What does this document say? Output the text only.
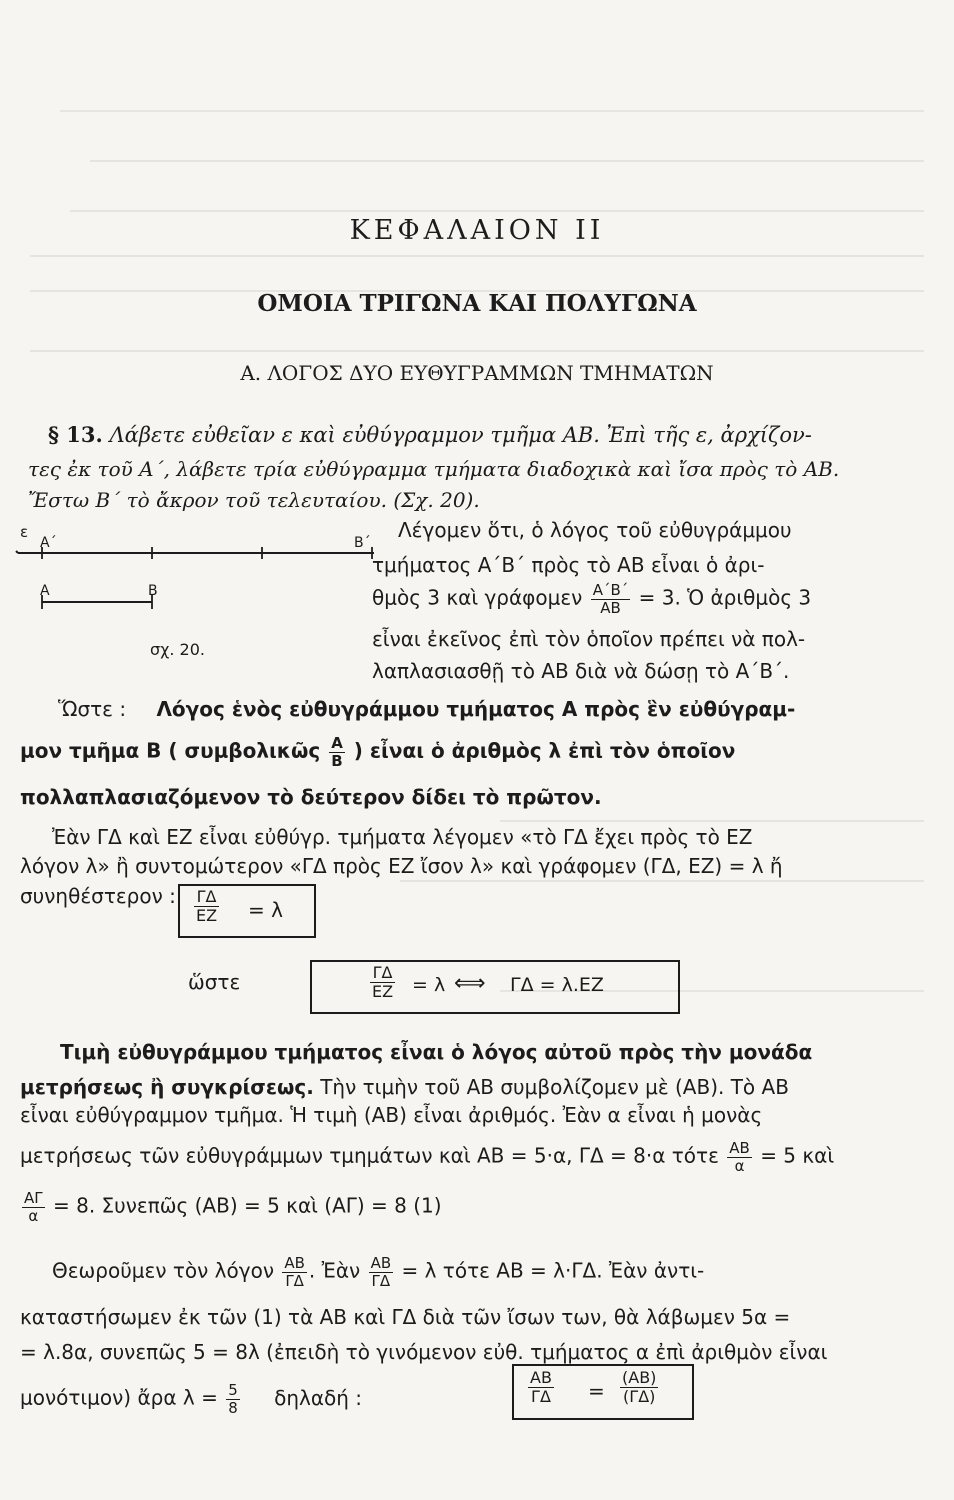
ΚΕΦΑΛΑΙΟΝ ΙΙ
ΟΜΟΙΑ ΤΡΙΓΩΝΑ ΚΑΙ ΠΟΛΥΓΩΝΑ
Α. ΛΟΓΟΣ ΔΥΟ ΕΥΘΥΓΡΑΜΜΩΝ ΤΜΗΜΑΤΩΝ
§ 13. Λάβετε εὐθεῖαν ε καὶ εὐθύγραμμον τμῆμα ΑΒ. Ἐπὶ τῆς ε, ἀρχίζον-
τες ἐκ τοῦ Α΄, λάβετε τρία εὐθύγραμμα τμήματα διαδοχικὰ καὶ ἴσα πρὸς τὸ ΑΒ.
Ἔστω Β΄ τὸ ἄκρον τοῦ τελευταίου. (Σχ. 20).
ε
Α΄	Β΄
Α	Β
σχ. 20.
Λέγομεν ὅτι, ὁ λόγος τοῦ εὐθυγράμμου
τμήματος Α΄Β΄ πρὸς τὸ ΑΒ εἶναι ὁ ἀρι-
θμὸς 3 καὶ γράφομεν $\frac{A΄B΄}{AB} = 3$. Ὁ ἀριθμὸς 3
εἶναι ἐκεῖνος ἐπὶ τὸν ὁποῖον πρέπει νὰ πολ-
λαπλασιασθῇ τὸ ΑΒ διὰ νὰ δώσῃ τὸ Α΄Β΄.
Ὥστε : Λόγος ἑνὸς εὐθυγράμμου τμήματος Α πρὸς ἓν εὐθύγραμ-
μον τμῆμα Β ( συμβολικῶς $\frac{A}{B}$ ) εἶναι ὁ ἀριθμὸς λ ἐπὶ τὸν ὁποῖον
πολλαπλασιαζόμενον τὸ δεύτερον δίδει τὸ πρῶτον.
Ἐὰν ΓΔ καὶ ΕΖ εἶναι εὐθύγρ. τμήματα λέγομεν «τὸ ΓΔ ἔχει πρὸς τὸ ΕΖ
λόγον λ» ἢ συντομώτερον «ΓΔ πρὸς ΕΖ ἴσον λ» καὶ γράφομεν (ΓΔ, ΕΖ) = λ ἤ
συνηθέστερον :	$\frac{\Gamma\Delta}{EZ} = \lambda$
ὥστε	$\frac{\Gamma\Delta}{EZ} = \lambda$ ⟺ ΓΔ = λ.ΕΖ
Τιμὴ εὐθυγράμμου τμήματος εἶναι ὁ λόγος αὐτοῦ πρὸς τὴν μονάδα
μετρήσεως ἢ συγκρίσεως. Τὴν τιμὴν τοῦ ΑΒ συμβολίζομεν μὲ (ΑΒ). Τὸ ΑΒ
εἶναι εὐθύγραμμον τμῆμα. Ἡ τιμὴ (ΑΒ) εἶναι ἀριθμός. Ἐὰν α εἶναι ἡ μονὰς
μετρήσεως τῶν εὐθυγράμμων τμημάτων καὶ ΑΒ = 5·α, ΓΔ = 8·α τότε $\frac{AB}{\alpha} = 5$ καὶ
$\frac{A\Gamma}{\alpha} = 8$. Συνεπῶς (ΑΒ) = 5 καὶ (ΑΓ) = 8 (1)
Θεωροῦμεν τὸν λόγον $\frac{AB}{\Gamma\Delta}$ . Ἐὰν $\frac{AB}{\Gamma\Delta} = \lambda$ τότε ΑΒ = λ·ΓΔ. Ἐὰν ἀντι-
καταστήσωμεν ἐκ τῶν (1) τὰ ΑΒ καὶ ΓΔ διὰ τῶν ἴσων των, θὰ λάβωμεν 5α =
= λ.8α, συνεπῶς 5 = 8λ (ἐπειδὴ τὸ γινόμενον εὐθ. τμήματος α ἐπὶ ἀριθμὸν εἶναι
μονότιμον) ἄρα $\lambda = \frac{5}{8}$ δηλαδή :	$\frac{AB}{\Gamma\Delta} = \frac{(AB)}{(\Gamma\Delta)}$
